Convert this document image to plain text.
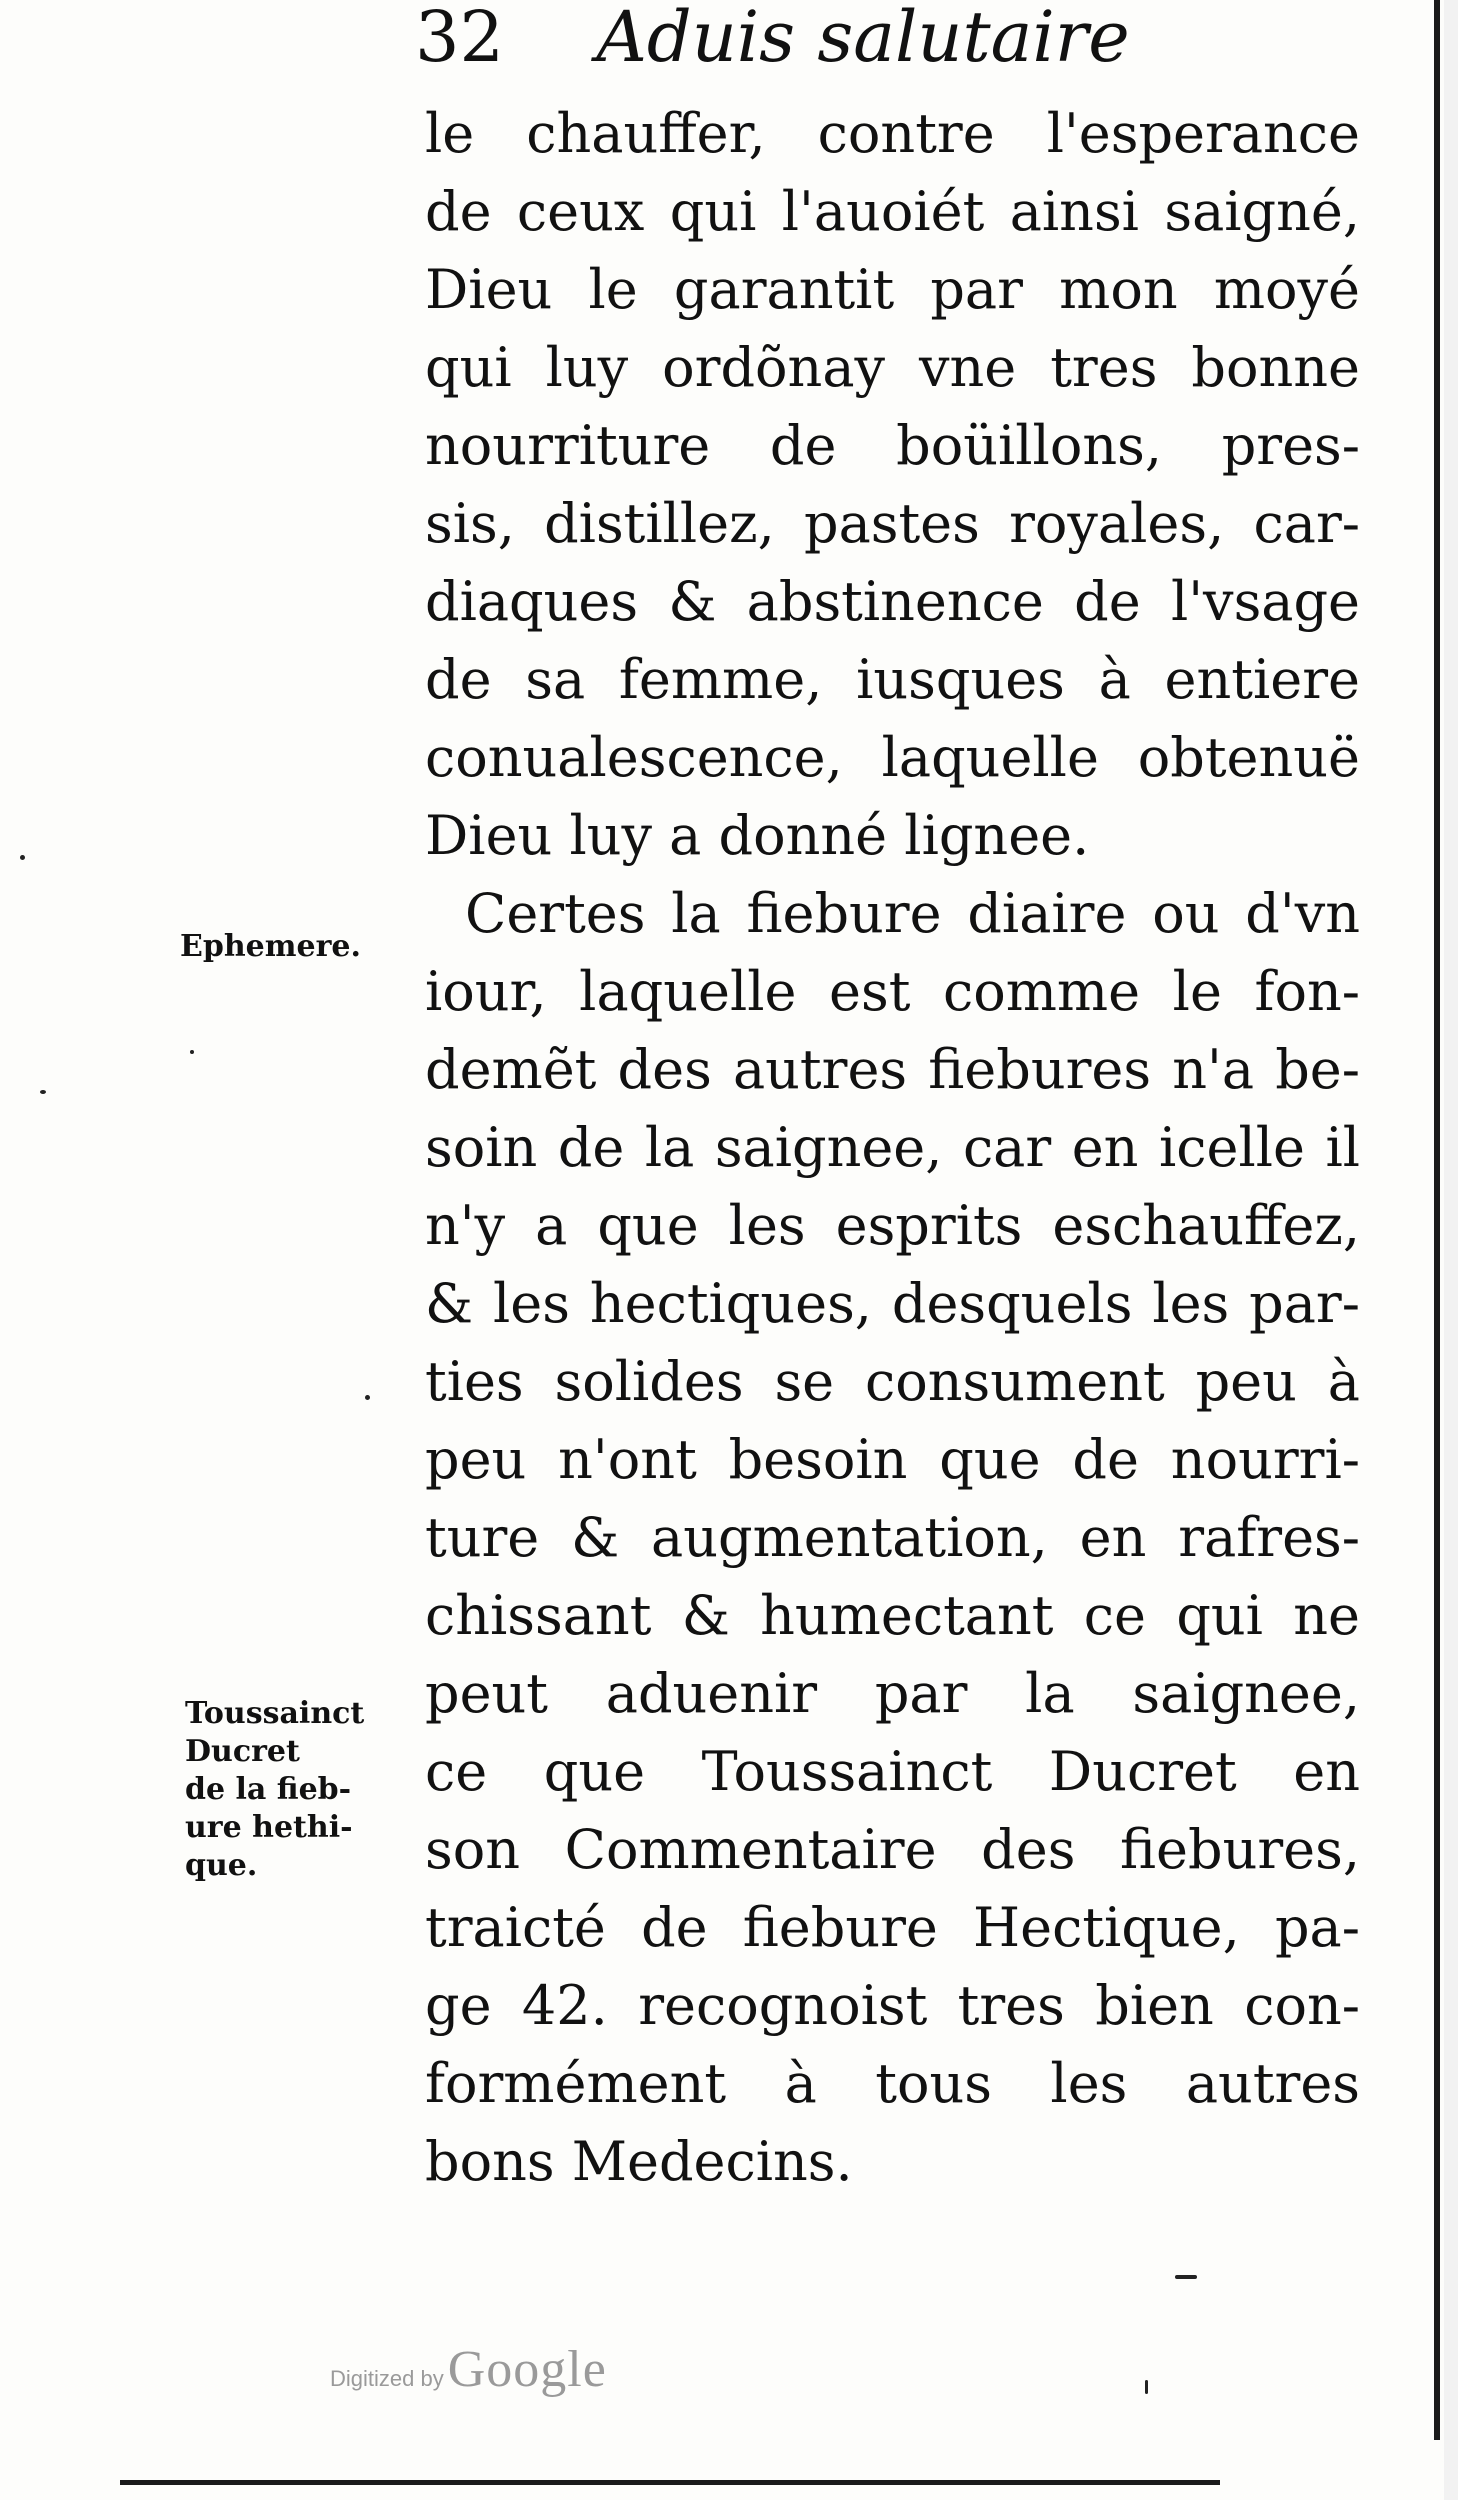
32 Aduis salutaire
le chauffer, contre l'esperance
de ceux qui l'auoiét ainsi saigné,
Dieu le garantit par mon moyé
qui luy ordõnay vne tres bonne
nourriture de boüillons, pres-
sis, distillez, pastes royales, car-
diaques & abstinence de l'vsage
de sa femme, iusques à entiere
conualescence, laquelle obtenuë
Dieu luy a donné lignee.
Certes la fiebure diaire ou d'vn
iour, laquelle est comme le fon-
demẽt des autres fiebures n'a be-
soin de la saignee, car en icelle il
n'y a que les esprits eschauffez,
& les hectiques, desquels les par-
ties solides se consument peu à
peu n'ont besoin que de nourri-
ture & augmentation, en rafres-
chissant & humectant ce qui ne
peut aduenir par la saignee,
ce que Toussainct Ducret en
son Commentaire des fiebures,
traicté de fiebure Hectique, pa-
ge 42. recognoist tres bien con-
formément à tous les autres
bons Medecins.
Ephemere.
Toussainct
Ducret
de la fieb-
ure hethi-
que.
Digitized by Google
